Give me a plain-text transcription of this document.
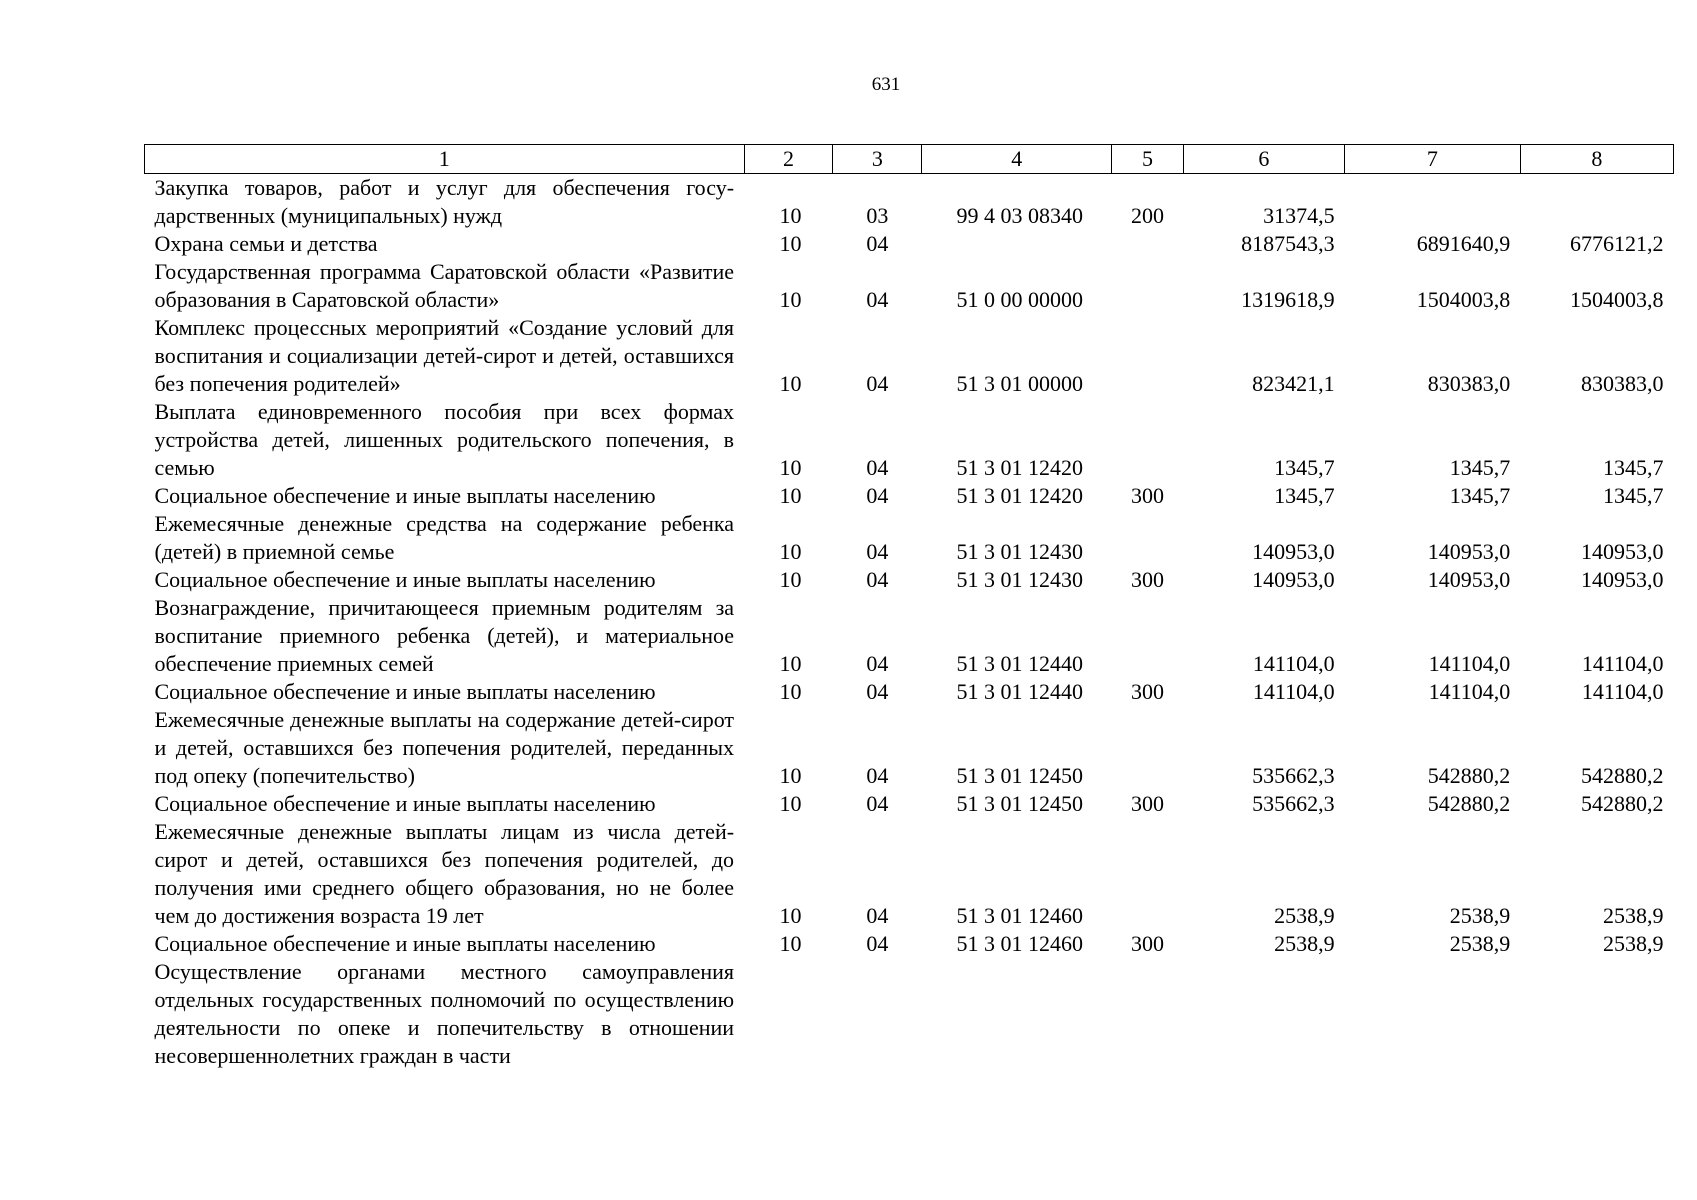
631
1	2	3	4	5	6	7	8
Закупка товаров, работ и услуг для обеспечения государственных (муниципальных) нужд	10	03	99 4 03 08340	200	31374,5		
Охрана семьи и детства	10	04			8187543,3	6891640,9	6776121,2
Государственная программа Саратовской области «Развитие образования в Саратовской области»	10	04	51 0 00 00000		1319618,9	1504003,8	1504003,8
Комплекс процессных мероприятий «Создание условий для воспитания и социализации детей-сирот и детей, оставшихся без попечения родителей»	10	04	51 3 01 00000		823421,1	830383,0	830383,0
Выплата единовременного пособия при всех формах устройства детей, лишенных родительского попечения, в семью	10	04	51 3 01 12420		1345,7	1345,7	1345,7
Социальное обеспечение и иные выплаты населению	10	04	51 3 01 12420	300	1345,7	1345,7	1345,7
Ежемесячные денежные средства на содержание ребенка (детей) в приемной семье	10	04	51 3 01 12430		140953,0	140953,0	140953,0
Социальное обеспечение и иные выплаты населению	10	04	51 3 01 12430	300	140953,0	140953,0	140953,0
Вознаграждение, причитающееся приемным родителям за воспитание приемного ребенка (детей), и материальное обеспечение приемных семей	10	04	51 3 01 12440		141104,0	141104,0	141104,0
Социальное обеспечение и иные выплаты населению	10	04	51 3 01 12440	300	141104,0	141104,0	141104,0
Ежемесячные денежные выплаты на содержание детей-сирот и детей, оставшихся без попечения родителей, переданных под опеку (попечительство)	10	04	51 3 01 12450		535662,3	542880,2	542880,2
Социальное обеспечение и иные выплаты населению	10	04	51 3 01 12450	300	535662,3	542880,2	542880,2
Ежемесячные денежные выплаты лицам из числа детей-сирот и детей, оставшихся без попечения родителей, до получения ими среднего общего образования, но не более чем до достижения возраста 19 лет	10	04	51 3 01 12460		2538,9	2538,9	2538,9
Социальное обеспечение и иные выплаты населению	10	04	51 3 01 12460	300	2538,9	2538,9	2538,9
Осуществление органами местного самоуправления отдельных государственных полномочий по осуществлению деятельности по опеке и попечительству в отношении несовершеннолетних граждан в части							
